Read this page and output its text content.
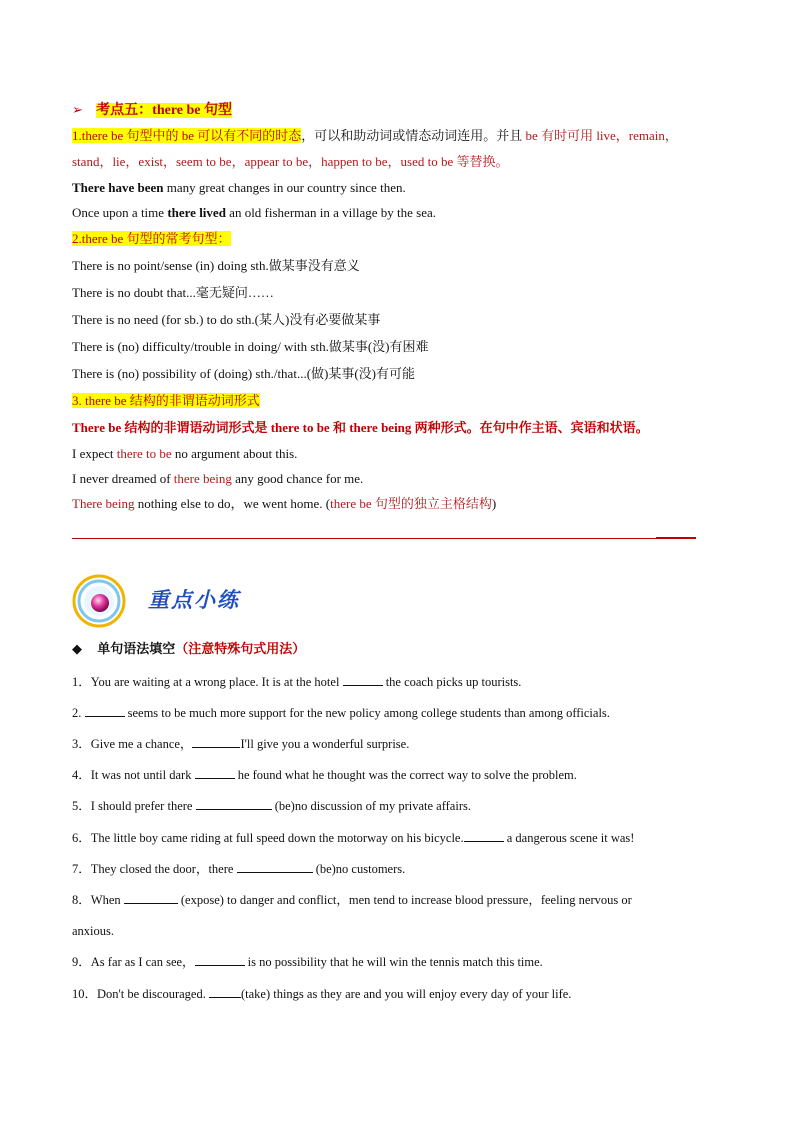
➢ 考点五：there be 句型
1.there be 句型中的 be 可以有不同的时态，可以和助动词或情态动词连用。并且 be 有时可用 live，remain，
stand，lie，exist，seem to be，appear to be，happen to be，used to be 等替换。
There have been many great changes in our country since then.
Once upon a time there lived an old fisherman in a village by the sea.
2.there be 句型的常考句型：
There is no point/sense (in) doing sth.做某事没有意义
There is no doubt that...毫无疑问……
There is no need (for sb.) to do sth.(某人)没有必要做某事
There is (no) difficulty/trouble in doing/ with sth.做某事(没)有困难
There is (no) possibility of (doing) sth./that...(做)某事(没)有可能
3. there be 结构的非谓语动词形式
There be 结构的非谓语动词形式是 there to be 和 there being 两种形式。在句中作主语、宾语和状语。
I expect there to be no argument about this.
I never dreamed of there being any good chance for me.
There being nothing else to do，we went home. (there be 句型的独立主格结构)
重点小练
◆ 单句语法填空（注意特殊句式用法）
1．You are waiting at a wrong place. It is at the hotel	the coach picks up tourists.
2.	seems to be much more support for the new policy among college students than among officials.
3．Give me a chance，	I'll give you a wonderful surprise.
4．It was not until dark	he found what he thought was the correct way to solve the problem.
5．I should prefer there	(be)no discussion of my private affairs.
6．The little boy came riding at full speed down the motorway on his bicycle.	a dangerous scene it was!
7．They closed the door，there	(be)no customers.
8．When	(expose) to danger and conflict，men tend to increase blood pressure，feeling nervous or
anxious.
9．As far as I can see，	is no possibility that he will win the tennis match this time.
10．Don't be discouraged.	(take) things as they are and you will enjoy every day of your life.
